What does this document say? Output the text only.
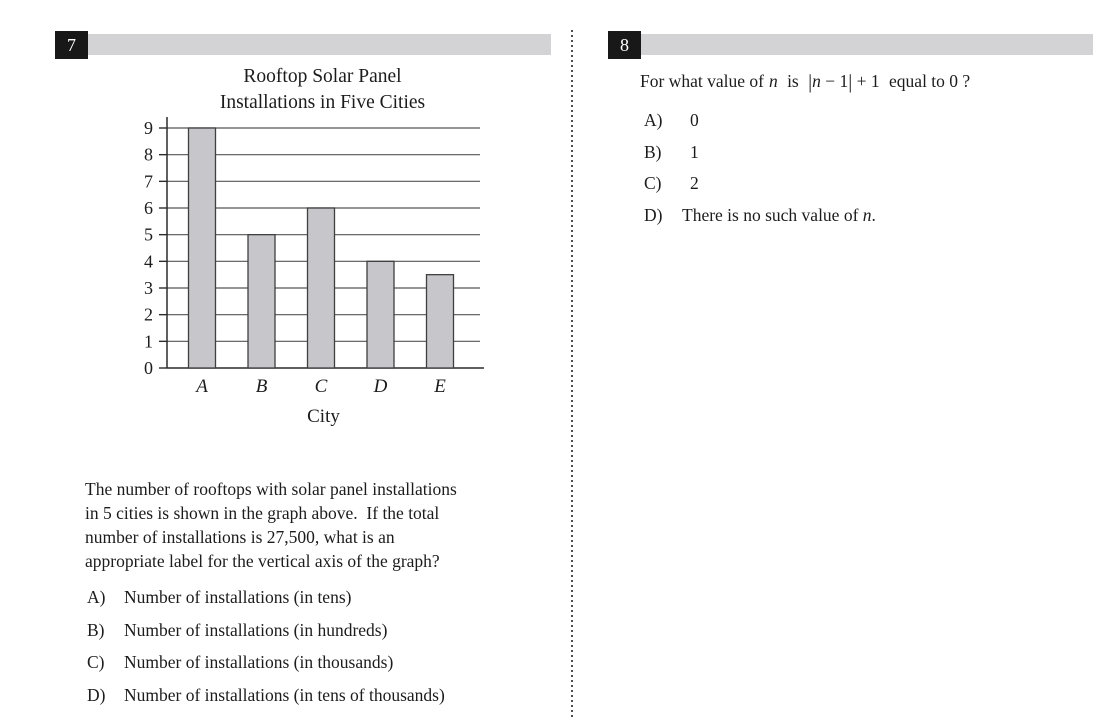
7
Rooftop Solar Panel
Installations in Five Cities
0
1
2
3
4
5
6
7
8
9
A	B C D E
City
The number of rooftops with solar panel installations
in 5 cities is shown in the graph above.  If the total
number of installations is 27,500, what is an
appropriate label for the vertical axis of the graph?
A)	Number of installations (in tens)
B)	Number of installations (in hundreds)
C)	Number of installations (in thousands)
D)	Number of installations (in tens of thousands)
8
For what value of n is |n − 1| + 1 equal to 0 ?
A)	0
B)	1
C)	2
D)	There is no such value of n.
